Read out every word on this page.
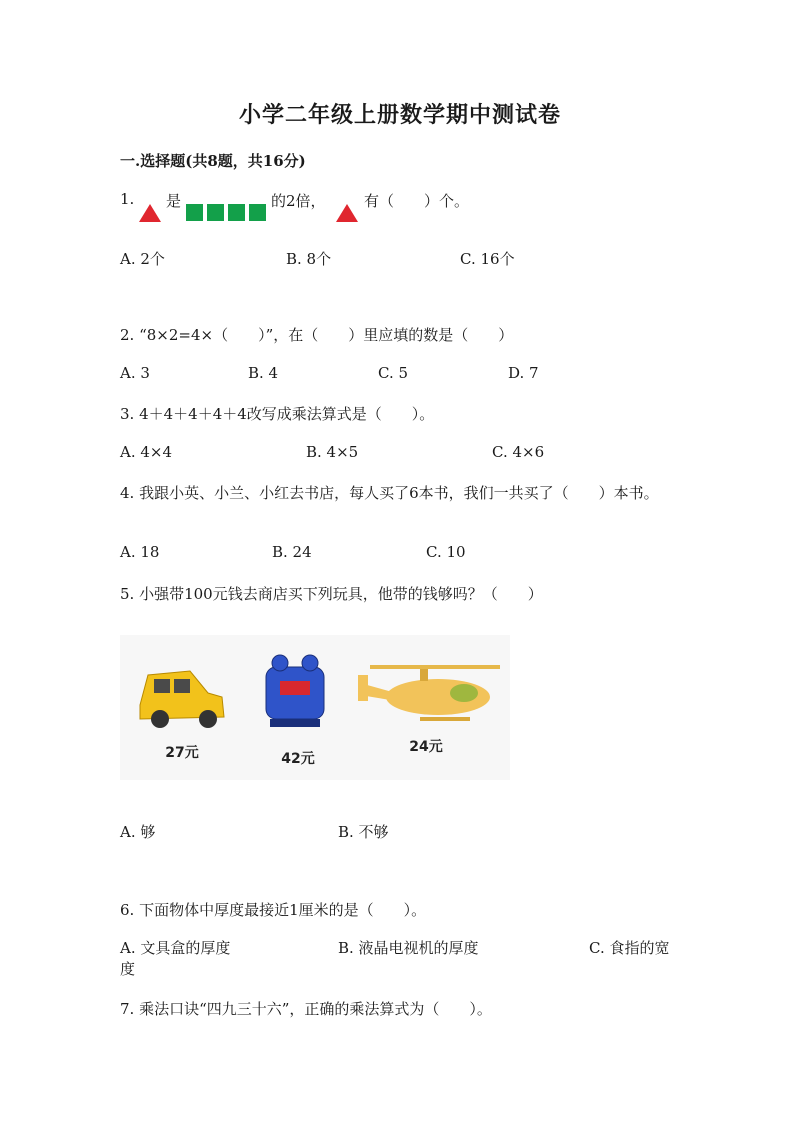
小学二年级上册数学期中测试卷
一.选择题(共8题，共16分)
1. 是	的2倍，	有（　　）个。
A. 2个	B. 8个	C. 16个
2. “8×2=4×（　　）”，在（　　）里应填的数是（　　）
A. 3	B. 4	C. 5	D. 7
3. 4＋4＋4＋4＋4改写成乘法算式是（　　）。
A. 4×4	B. 4×5	C. 4×6
4. 我跟小英、小兰、小红去书店，每人买了6本书，我们一共买了（　　）本书。
A. 18	B. 24	C. 10
5. 小强带100元钱去商店买下列玩具，他带的钱够吗？（　　）
27元	42元
24元
A. 够	B. 不够
6. 下面物体中厚度最接近1厘米的是（　　）。
A. 文具盒的厚度	B. 液晶电视机的厚度	C. 食指的宽
度
7. 乘法口诀“四九三十六”，正确的乘法算式为（　　）。
